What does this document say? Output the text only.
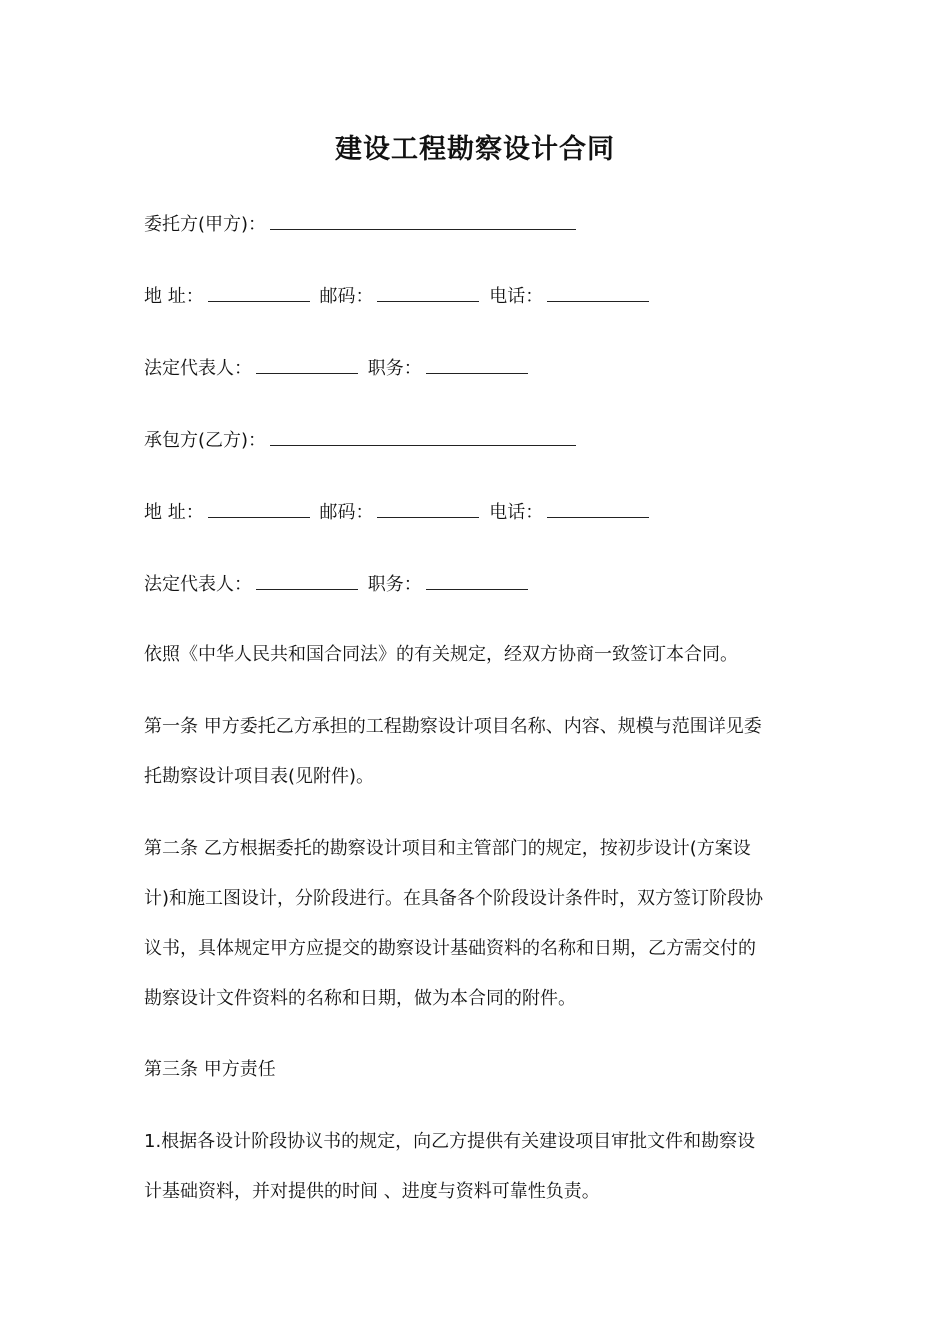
建设工程勘察设计合同
委托方(甲方)：
地 址：	邮码：	电话：
法定代表人：	职务：
承包方(乙方)：
地 址：	邮码：	电话：
法定代表人：	职务：
依照《中华人民共和国合同法》的有关规定，经双方协商一致签订本合同。
第一条 甲方委托乙方承担的工程勘察设计项目名称、内容、规模与范围详见委
托勘察设计项目表(见附件)。
第二条 乙方根据委托的勘察设计项目和主管部门的规定，按初步设计(方案设
计)和施工图设计，分阶段进行。在具备各个阶段设计条件时，双方签订阶段协
议书，具体规定甲方应提交的勘察设计基础资料的名称和日期，乙方需交付的
勘察设计文件资料的名称和日期，做为本合同的附件。
第三条 甲方责任
1.根据各设计阶段协议书的规定，向乙方提供有关建设项目审批文件和勘察设
计基础资料，并对提供的时间 、进度与资料可靠性负责。
